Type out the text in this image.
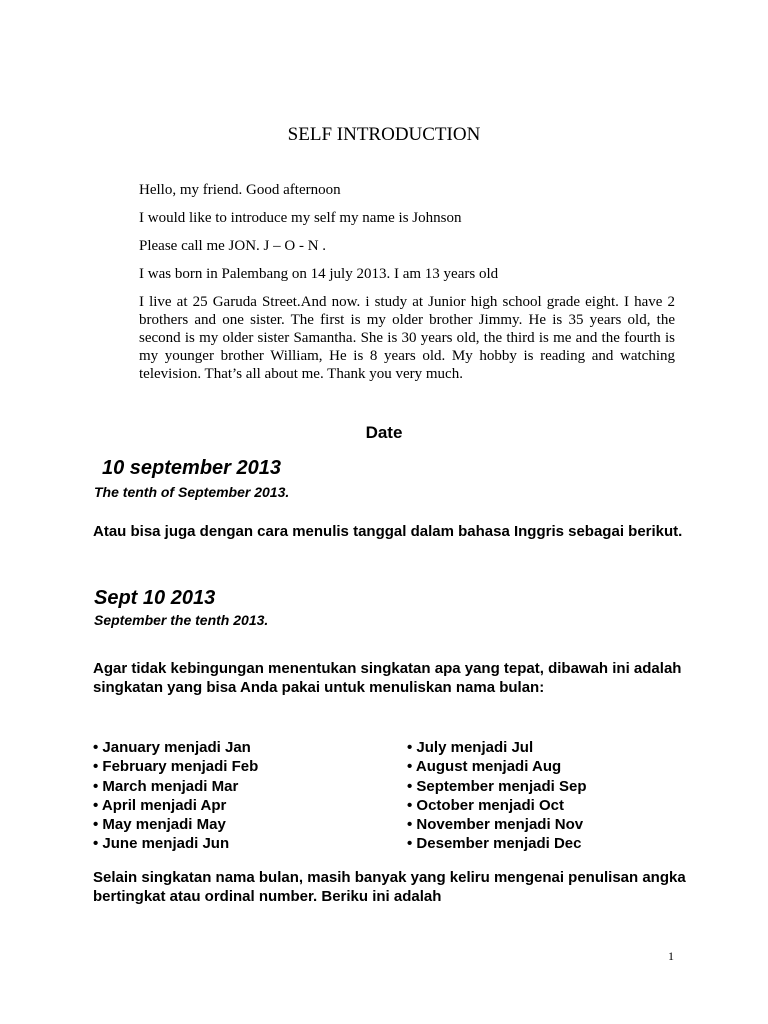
SELF INTRODUCTION
Hello, my friend. Good afternoon
I would like to introduce my self my name is Johnson
Please call me JON. J – O - N .
I was born in Palembang on 14 july 2013. I am 13 years old
I live at 25 Garuda Street.And now. i study at Junior high school grade eight. I have 2 brothers and one sister. The first is my older brother Jimmy. He is 35 years old, the second is my older sister Samantha. She is 30 years old, the third is me and the fourth is my younger brother William, He is 8 years old. My hobby is reading and watching television. That’s all about me. Thank you very much.
Date
10 september 2013
The tenth of September 2013.
Atau bisa juga dengan cara menulis tanggal dalam bahasa Inggris sebagai berikut.
Sept 10 2013
September the tenth 2013.
Agar tidak kebingungan menentukan singkatan apa yang tepat, dibawah ini adalah singkatan yang bisa Anda pakai untuk menuliskan nama bulan:
• January menjadi Jan
• February menjadi Feb
• March menjadi Mar
• April menjadi Apr
• May menjadi May
• June menjadi Jun
• July menjadi Jul
• August menjadi Aug
• September menjadi Sep
• October menjadi Oct
• November menjadi Nov
• Desember menjadi Dec
Selain singkatan nama bulan, masih banyak yang keliru mengenai penulisan angka bertingkat atau ordinal number. Beriku ini adalah
1
